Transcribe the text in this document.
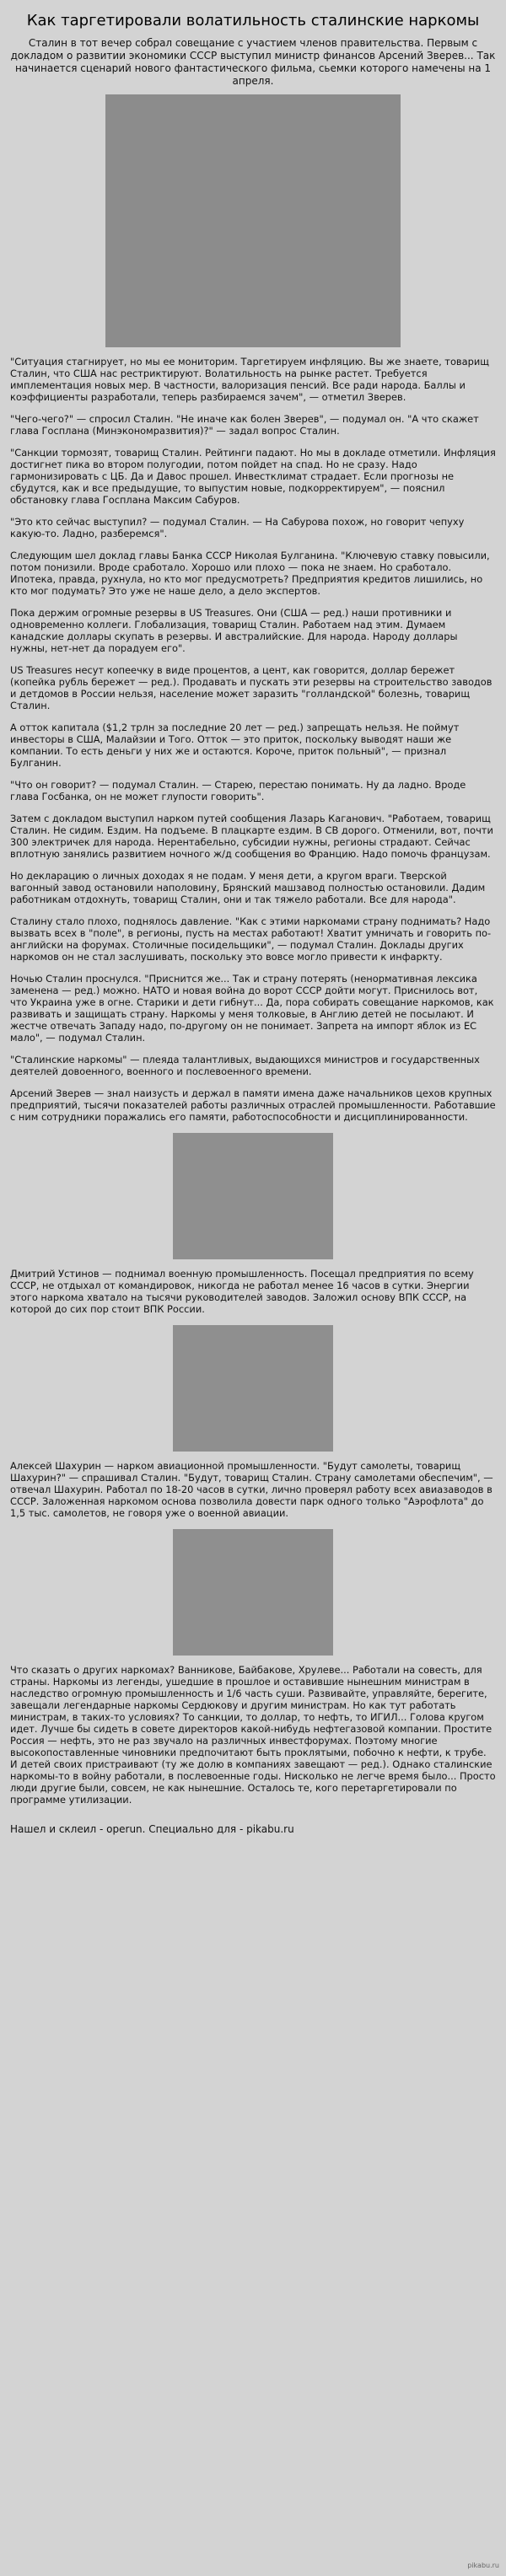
Как таргетировали волатильность сталинские наркомы

Сталин в тот вечер собрал совещание с участием членов правительства. Первым с докладом о развитии экономики СССР выступил министр финансов Арсений Зверев... Так начинается сценарий нового фантастического фильма, сьемки которого намечены на 1 апреля.

"Ситуация стагнирует, но мы ее мониторим. Таргетируем инфляцию. Вы же знаете, товарищ Сталин, что США нас рестриктируют. Волатильность на рынке растет. Требуется имплементация новых мер. В частности, валоризация пенсий. Все ради народа. Баллы и коэффициенты разработали, теперь разбираемся зачем", — отметил Зверев.

"Чего-чего?" — спросил Сталин. "Не иначе как болен Зверев", — подумал он. "А что скажет глава Госплана (Минэкономразвития)?" — задал вопрос Сталин.

"Санкции тормозят, товарищ Сталин. Рейтинги падают. Но мы в докладе отметили. Инфляция достигнет пика во втором полугодии, потом пойдет на спад. Но не сразу. Надо гармонизировать с ЦБ. Да и Давос прошел. Инвестклимат страдает. Если прогнозы не сбудутся, как и все предыдущие, то выпустим новые, подкорректируем", — пояснил обстановку глава Госплана Максим Сабуров.

"Это кто сейчас выступил? — подумал Сталин. — На Сабурова похож, но говорит чепуху какую-то. Ладно, разберемся".

Следующим шел доклад главы Банка СССР Николая Булганина. "Ключевую ставку повысили, потом понизили. Вроде сработало. Хорошо или плохо — пока не знаем. Но сработало. Ипотека, правда, рухнула, но кто мог предусмотреть? Предприятия кредитов лишились, но кто мог подумать? Это уже не наше дело, а дело экспертов.

Пока держим огромные резервы в US Treasures. Они (США — ред.) наши противники и одновременно коллеги. Глобализация, товарищ Сталин. Работаем над этим. Думаем канадские доллары скупать в резервы. И австралийские. Для народа. Народу доллары нужны, нет-нет да порадуем его".

US Treasures несут копеечку в виде процентов, а цент, как говорится, доллар бережет (копейка рубль бережет — ред.). Продавать и пускать эти резервы на строительство заводов и детдомов в России нельзя, население может заразить "голландской" болезнь, товарищ Сталин.

А отток капитала ($1,2 трлн за последние 20 лет — ред.) запрещать нельзя. Не поймут инвесторы в США, Малайзии и Того. Отток — это приток, поскольку выводят наши же компании. То есть деньги у них же и остаются. Короче, приток польный", — признал Булганин.

"Что он говорит? — подумал Сталин. — Старею, перестаю понимать. Ну да ладно. Вроде глава Госбанка, он не может глупости говорить".

Затем с докладом выступил нарком путей сообщения Лазарь Каганович. "Работаем, товарищ Сталин. Не сидим. Ездим. На подъеме. В плацкарте ездим. В СВ дорого. Отменили, вот, почти 300 электричек для народа. Нерентабельно, субсидии нужны, регионы страдают. Сейчас вплотную занялись развитием ночного ж/д сообщения во Францию. Надо помочь французам.

Но декларацию о личных доходах я не подам. У меня дети, а кругом враги. Тверской вагонный завод остановили наполовину, Брянский машзавод полностью остановили. Дадим работникам отдохнуть, товарищ Сталин, они и так тяжело работали. Все для народа".

Сталину стало плохо, поднялось давление. "Как с этими наркомами страну поднимать? Надо вызвать всех в "поле", в регионы, пусть на местах работают! Хватит умничать и говорить по-английски на форумах. Столичные посидельщики", — подумал Сталин. Доклады других наркомов он не стал заслушивать, поскольку это вовсе могло привести к инфаркту.

Ночью Сталин проснулся. "Приснится же... Так и страну потерять (ненормативная лексика заменена — ред.) можно. НАТО и новая война до ворот СССР дойти могут. Приснилось вот, что Украина уже в огне. Старики и дети гибнут... Да, пора собирать совещание наркомов, как развивать и защищать страну. Наркомы у меня толковые, в Англию детей не посылают. И жестче отвечать Западу надо, по-другому он не понимает. Запрета на импорт яблок из ЕС мало", — подумал Сталин.

"Сталинские наркомы" — плеяда талантливых, выдающихся министров и государственных деятелей довоенного, военного и послевоенного времени.

Арсений Зверев — знал наизусть и держал в памяти имена даже начальников цехов крупных предприятий, тысячи показателей работы различных отраслей промышленности. Работавшие с ним сотрудники поражались его памяти, работоспособности и дисциплинированности.

Дмитрий Устинов — поднимал военную промышленность. Посещал предприятия по всему СССР, не отдыхал от командировок, никогда не работал менее 16 часов в сутки. Энергии этого наркома хватало на тысячи руководителей заводов. Заложил основу ВПК СССР, на которой до сих пор стоит ВПК России.

Алексей Шахурин — нарком авиационной промышленности. "Будут самолеты, товарищ Шахурин?" — спрашивал Сталин. "Будут, товарищ Сталин. Страну самолетами обеспечим", — отвечал Шахурин. Работал по 18-20 часов в сутки, лично проверял работу всех авиазаводов в СССР. Заложенная наркомом основа позволила довести парк одного только "Аэрофлота" до 1,5 тыс. самолетов, не говоря уже о военной авиации.

Что сказать о других наркомах? Ванникове, Байбакове, Хрулеве... Работали на совесть, для страны. Наркомы из легенды, ушедшие в прошлое и оставившие нынешним министрам в наследство огромную промышленность и 1/6 часть суши. Развивайте, управляйте, берегите, завещали легендарные наркомы Сердюкову и другим министрам. Но как тут работать министрам, в таких-то условиях? То санкции, то доллар, то нефть, то ИГИЛ... Голова кругом идет. Лучше бы сидеть в совете директоров какой-нибудь нефтегазовой компании. Простите Россия — нефть, это не раз звучало на различных инвестфорумах. Поэтому многие высокопоставленные чиновники предпочитают быть проклятыми, побочно к нефти, к трубе. И детей своих пристраивают (ту же долю в компаниях завещают — ред.). Однако сталинские наркомы-то в войну работали, в послевоенные годы. Нисколько не легче время было... Просто люди другие были, совсем, не как нынешние. Осталось те, кого перетаргетировали по программе утилизации.

Нашел и склеил - operun. Специально для - pikabu.ru
pikabu.ru
